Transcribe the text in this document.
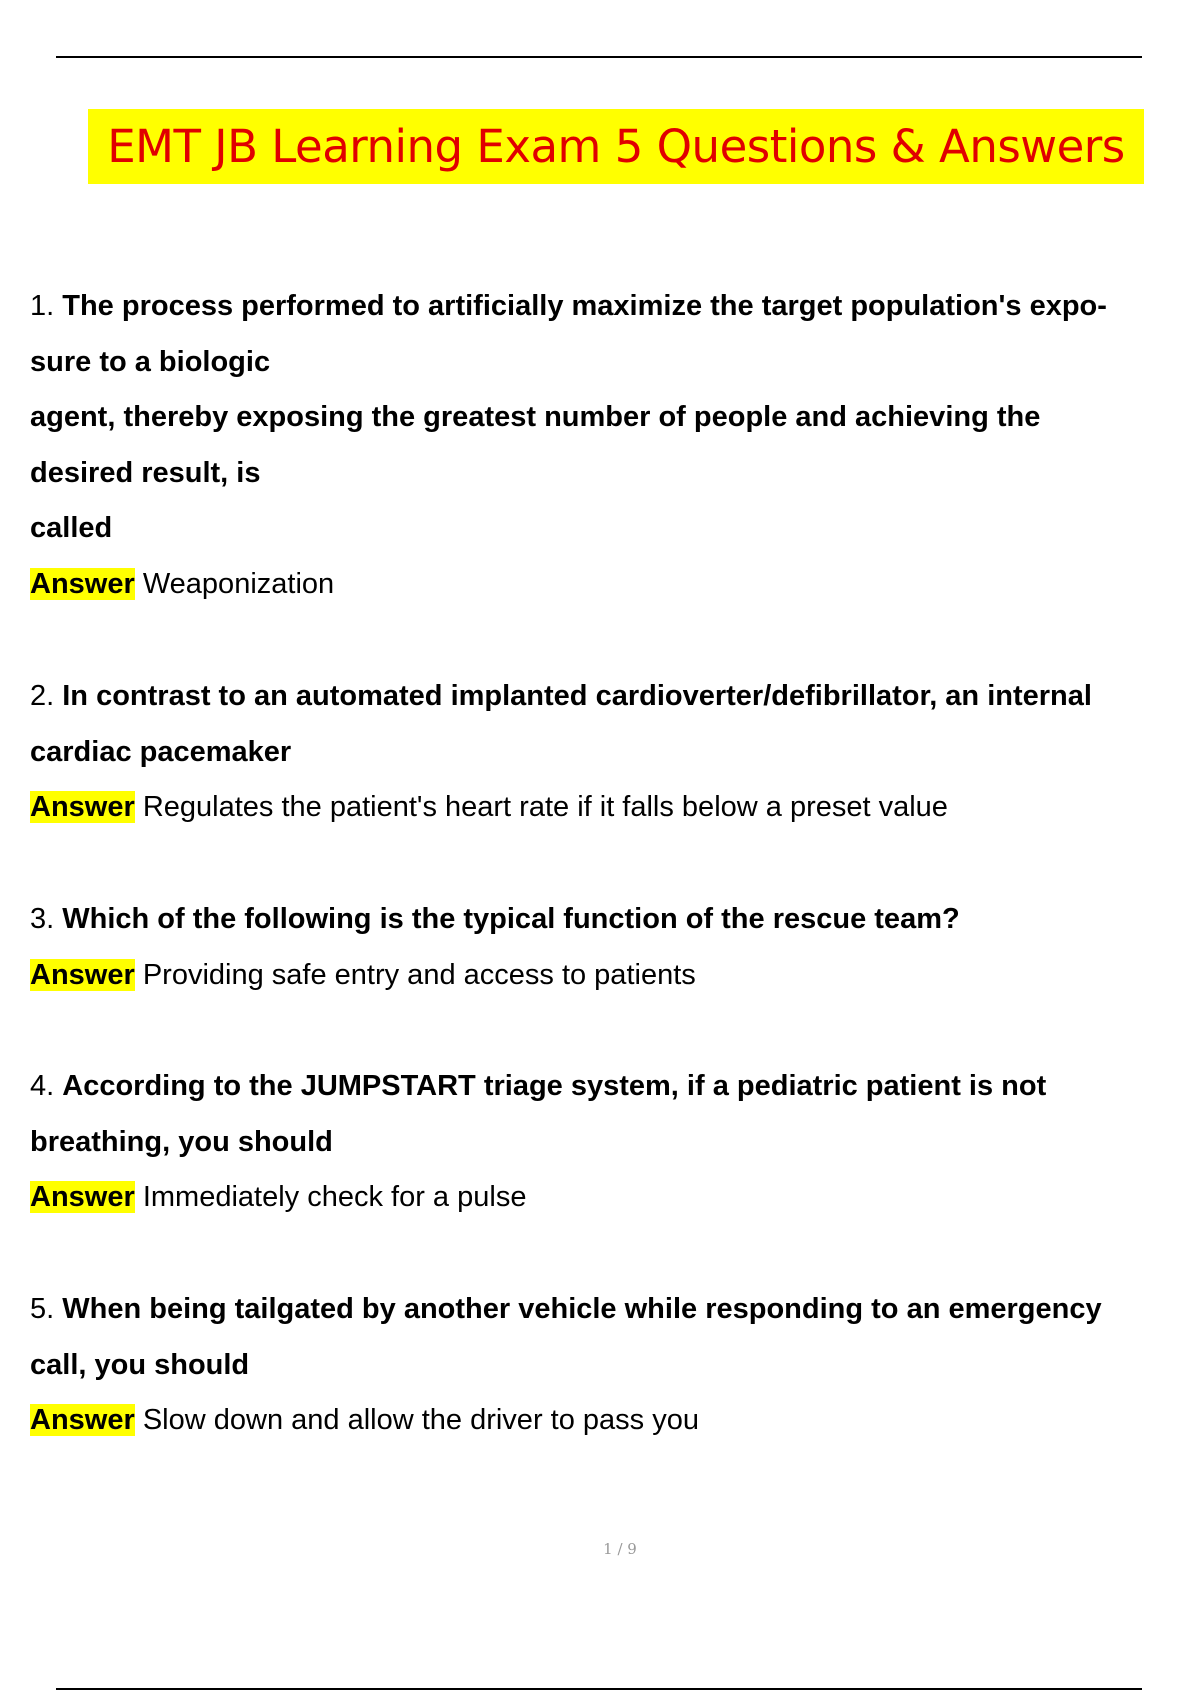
EMT JB Learning Exam 5 Questions & Answers
1. The process performed to artificially maximize the target population's expo-
sure to a biologic
agent, thereby exposing the greatest number of people and achieving the
desired result, is
called
Answer Weaponization
2. In contrast to an automated implanted cardioverter/defibrillator, an internal
cardiac pacemaker
Answer Regulates the patient's heart rate if it falls below a preset value
3. Which of the following is the typical function of the rescue team?
Answer Providing safe entry and access to patients
4. According to the JUMPSTART triage system, if a pediatric patient is not
breathing, you should
Answer Immediately check for a pulse
5. When being tailgated by another vehicle while responding to an emergency
call, you should
Answer Slow down and allow the driver to pass you
1 / 9
